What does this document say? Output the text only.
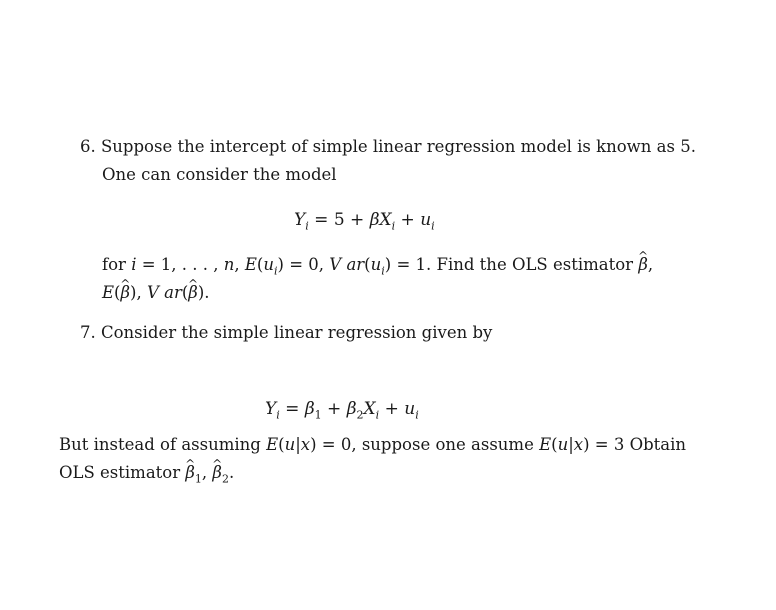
6. Suppose the intercept of simple linear regression model is known as 5.
One can consider the model
$Y_i = 5 + \beta X_i + u_i$
for i = 1, . . . , n, $E(u_i) = 0$, V $ar(u_i) = 1$. Find the OLS estimator ^ β,
E(^ β), V ar(^ β).
7. Consider the simple linear regression given by
$Y_i = \beta_1 + \beta_2X_i + u_i$
But instead of assuming E(u|x) = 0, suppose one assume E(u|x) = 3 Obtain
OLS estimator ^ $\beta_1$, ^ $\beta_2$.
